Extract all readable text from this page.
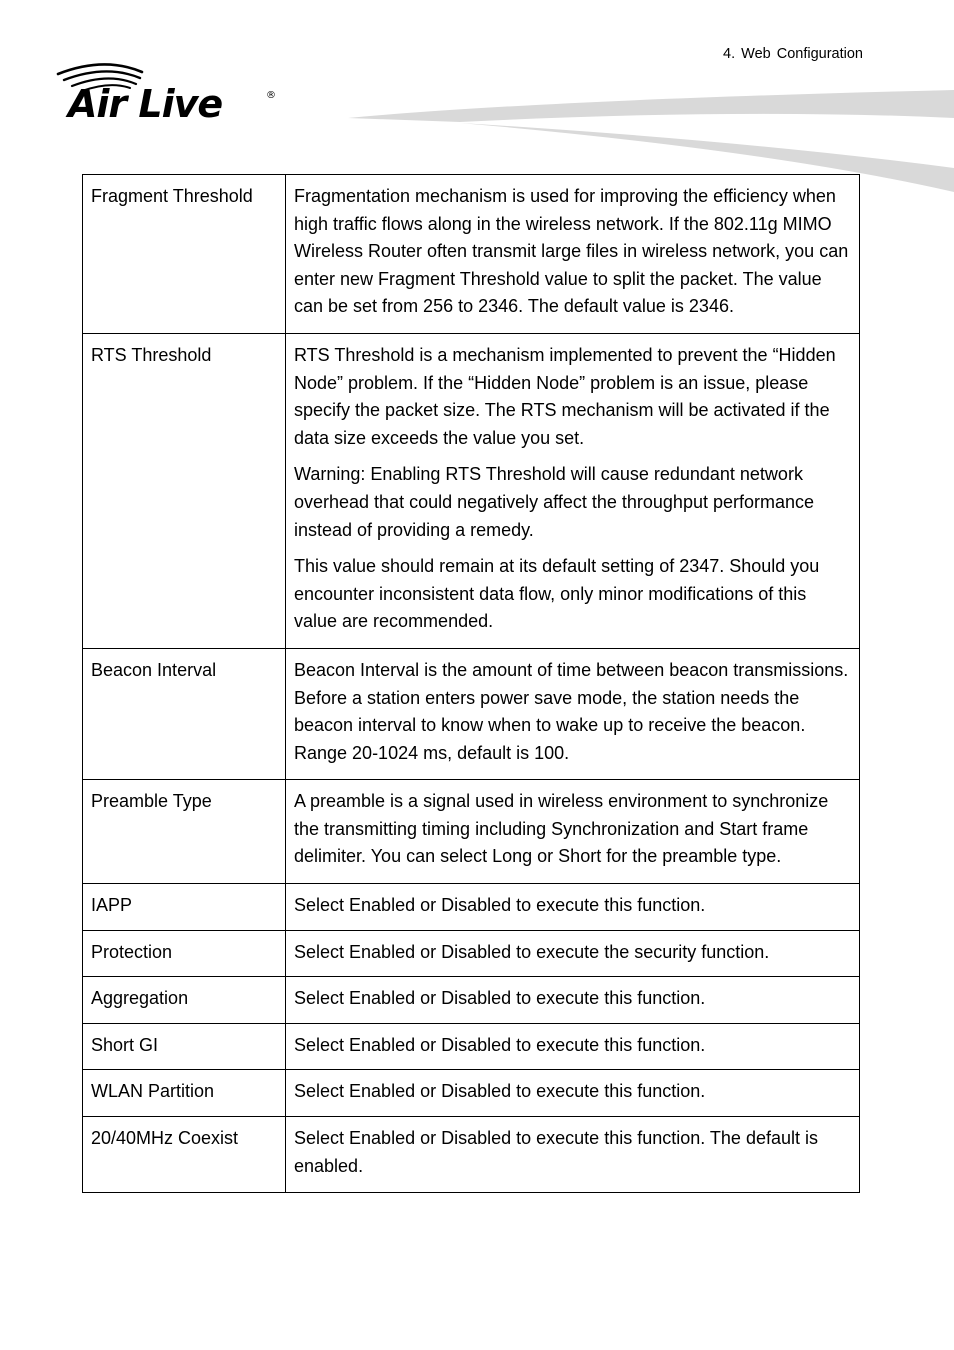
4. Web Configuration
Air Live	®
Fragment Threshold	Fragmentation mechanism is used for improving the efficiency when high traffic flows along in the wireless network. If the 802.11g MIMO Wireless Router often transmit large files in wireless network, you can enter new Fragment Threshold value to split the packet. The value can be set from 256 to 2346. The default value is 2346.

RTS Threshold	RTS Threshold is a mechanism implemented to prevent the “Hidden Node” problem. If the “Hidden Node” problem is an issue, please specify the packet size. The RTS mechanism will be activated if the data size exceeds the value you set.

Warning: Enabling RTS Threshold will cause redundant network overhead that could negatively affect the throughput performance instead of providing a remedy.

This value should remain at its default setting of 2347. Should you encounter inconsistent data flow, only minor modifications of this value are recommended.

Beacon Interval	Beacon Interval is the amount of time between beacon transmissions. Before a station enters power save mode, the station needs the beacon interval to know when to wake up to receive the beacon. Range 20-1024 ms, default is 100.

Preamble Type	A preamble is a signal used in wireless environment to synchronize the transmitting timing including Synchronization and Start frame delimiter. You can select Long or Short for the preamble type.

IAPP	Select Enabled or Disabled to execute this function.

Protection	Select Enabled or Disabled to execute the security function.

Aggregation	Select Enabled or Disabled to execute this function.

Short GI	Select Enabled or Disabled to execute this function.

WLAN Partition	Select Enabled or Disabled to execute this function.

20/40MHz Coexist	Select Enabled or Disabled to execute this function. The default is enabled.
